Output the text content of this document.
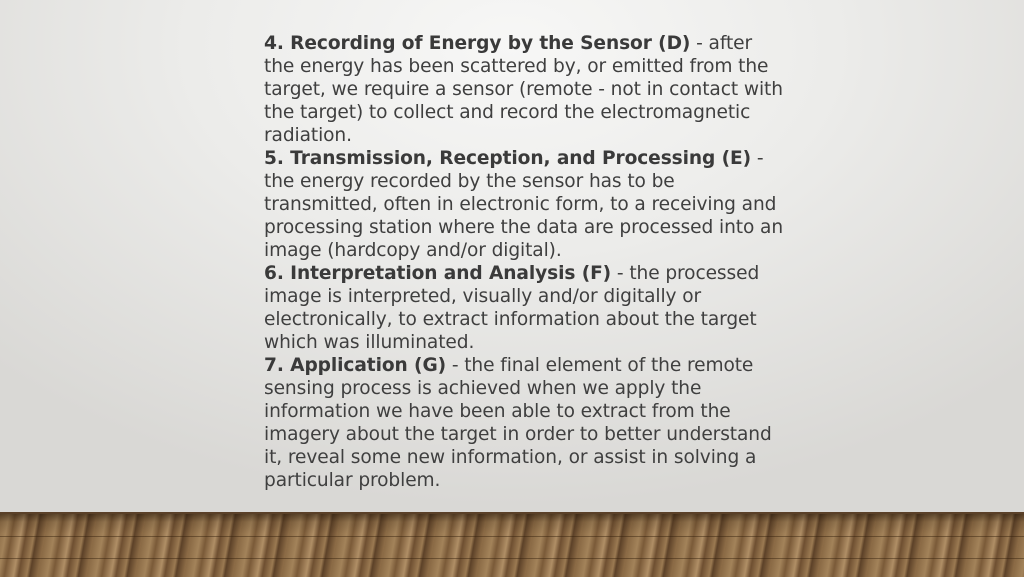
4. Recording of Energy by the Sensor (D) - after the energy has been scattered by, or emitted from the target, we require a sensor (remote - not in contact with the target) to collect and record the electromagnetic radiation.

5. Transmission, Reception, and Processing (E) - the energy recorded by the sensor has to be transmitted, often in electronic form, to a receiving and processing station where the data are processed into an image (hardcopy and/or digital).

6. Interpretation and Analysis (F) - the processed image is interpreted, visually and/or digitally or electronically, to extract information about the target which was illuminated.

7. Application (G) - the final element of the remote sensing process is achieved when we apply the information we have been able to extract from the imagery about the target in order to better understand it, reveal some new information, or assist in solving a particular problem.
